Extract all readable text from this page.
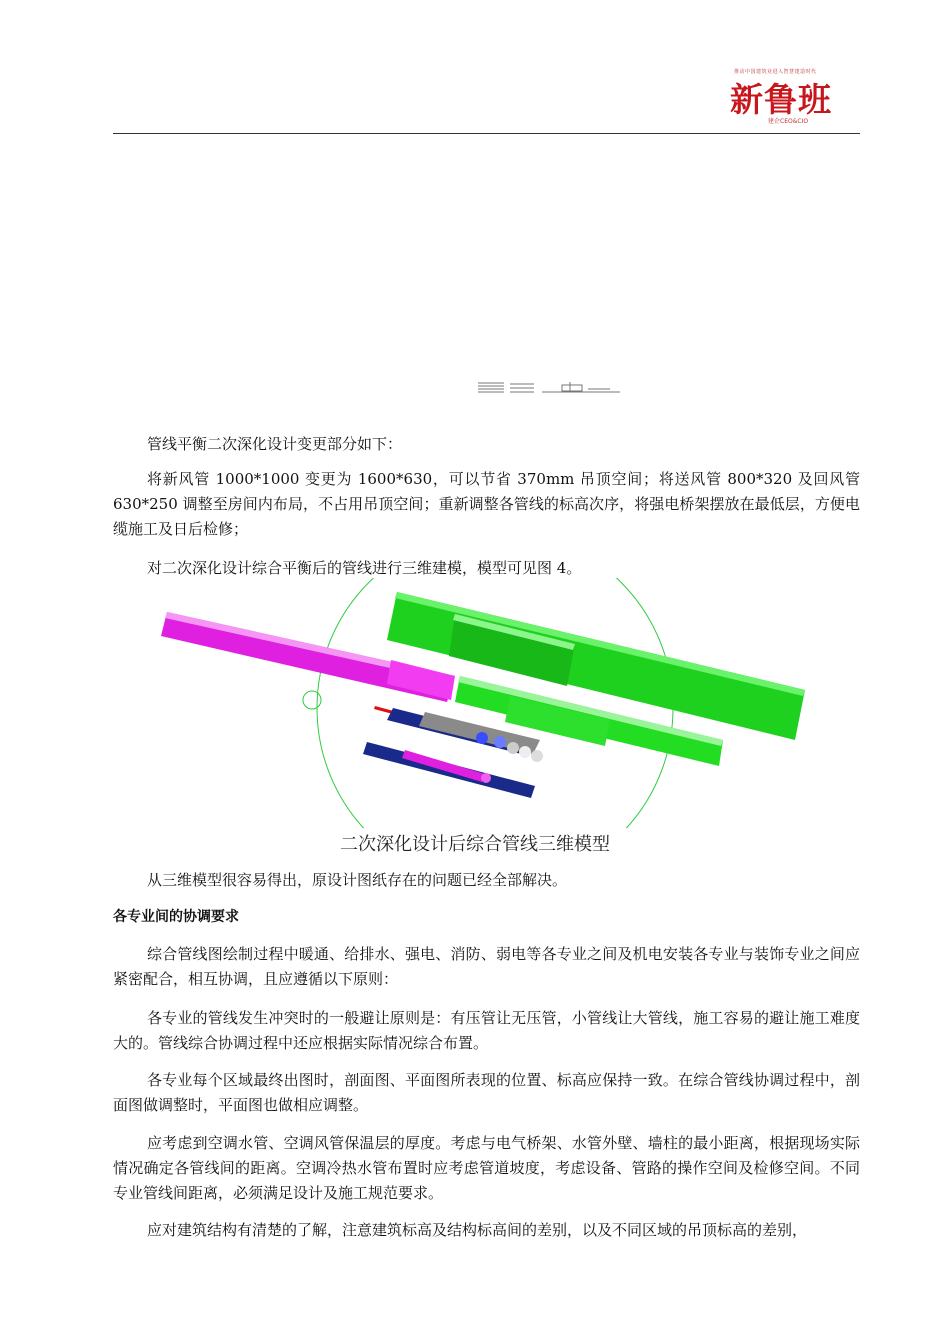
推动中国建筑业进入智慧建造时代
新鲁班
建企CEO&CIO

管线平衡二次深化设计变更部分如下：

将新风管 1000*1000 变更为 1600*630，可以节省 370mm 吊顶空间；将送风管 800*320 及回风管 630*250 调整至房间内布局，不占用吊顶空间；重新调整各管线的标高次序，将强电桥架摆放在最低层，方便电缆施工及日后检修；

对二次深化设计综合平衡后的管线进行三维建模，模型可见图 4。

二次深化设计后综合管线三维模型

从三维模型很容易得出，原设计图纸存在的问题已经全部解决。

各专业间的协调要求

综合管线图绘制过程中暖通、给排水、强电、消防、弱电等各专业之间及机电安装各专业与装饰专业之间应紧密配合，相互协调，且应遵循以下原则：

各专业的管线发生冲突时的一般避让原则是：有压管让无压管，小管线让大管线，施工容易的避让施工难度大的。管线综合协调过程中还应根据实际情况综合布置。

各专业每个区域最终出图时，剖面图、平面图所表现的位置、标高应保持一致。在综合管线协调过程中，剖面图做调整时，平面图也做相应调整。

应考虑到空调水管、空调风管保温层的厚度。考虑与电气桥架、水管外壁、墙柱的最小距离，根据现场实际情况确定各管线间的距离。空调冷热水管布置时应考虑管道坡度，考虑设备、管路的操作空间及检修空间。不同专业管线间距离，必须满足设计及施工规范要求。

应对建筑结构有清楚的了解，注意建筑标高及结构标高间的差别，以及不同区域的吊顶标高的差别，
